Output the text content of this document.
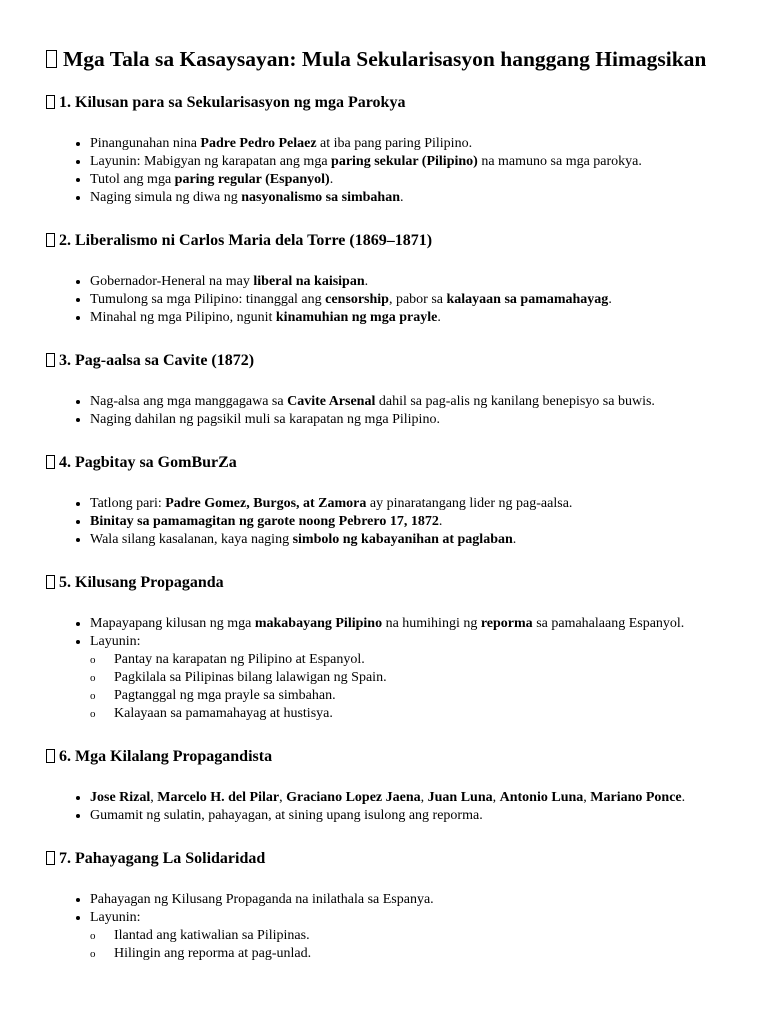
Mga Tala sa Kasaysayan: Mula Sekularisasyon hanggang Himagsikan
1. Kilusan para sa Sekularisasyon ng mga Parokya
• Pinangunahan nina Padre Pedro Pelaez at iba pang paring Pilipino.
• Layunin: Mabigyan ng karapatan ang mga paring sekular (Pilipino) na mamuno sa mga parokya.
• Tutol ang mga paring regular (Espanyol).
• Naging simula ng diwa ng nasyonalismo sa simbahan.
2. Liberalismo ni Carlos Maria dela Torre (1869–1871)
• Gobernador-Heneral na may liberal na kaisipan.
• Tumulong sa mga Pilipino: tinanggal ang censorship, pabor sa kalayaan sa pamamahayag.
• Minahal ng mga Pilipino, ngunit kinamuhian ng mga prayle.
3. Pag-aalsa sa Cavite (1872)
• Nag-alsa ang mga manggagawa sa Cavite Arsenal dahil sa pag-alis ng kanilang benepisyo sa buwis.
• Naging dahilan ng pagsikil muli sa karapatan ng mga Pilipino.
4. Pagbitay sa GomBurZa
• Tatlong pari: Padre Gomez, Burgos, at Zamora ay pinaratangang lider ng pag-aalsa.
• Binitay sa pamamagitan ng garote noong Pebrero 17, 1872.
• Wala silang kasalanan, kaya naging simbolo ng kabayanihan at paglaban.
5. Kilusang Propaganda
• Mapayapang kilusan ng mga makabayang Pilipino na humihingi ng reporma sa pamahalaang Espanyol.
• Layunin:
o Pantay na karapatan ng Pilipino at Espanyol.
o Pagkilala sa Pilipinas bilang lalawigan ng Spain.
o Pagtanggal ng mga prayle sa simbahan.
o Kalayaan sa pamamahayag at hustisya.
6. Mga Kilalang Propagandista
• Jose Rizal, Marcelo H. del Pilar, Graciano Lopez Jaena, Juan Luna, Antonio Luna, Mariano Ponce.
• Gumamit ng sulatin, pahayagan, at sining upang isulong ang reporma.
7. Pahayagang La Solidaridad
• Pahayagan ng Kilusang Propaganda na inilathala sa Espanya.
• Layunin:
o Ilantad ang katiwalian sa Pilipinas.
o Hilingin ang reporma at pag-unlad.
